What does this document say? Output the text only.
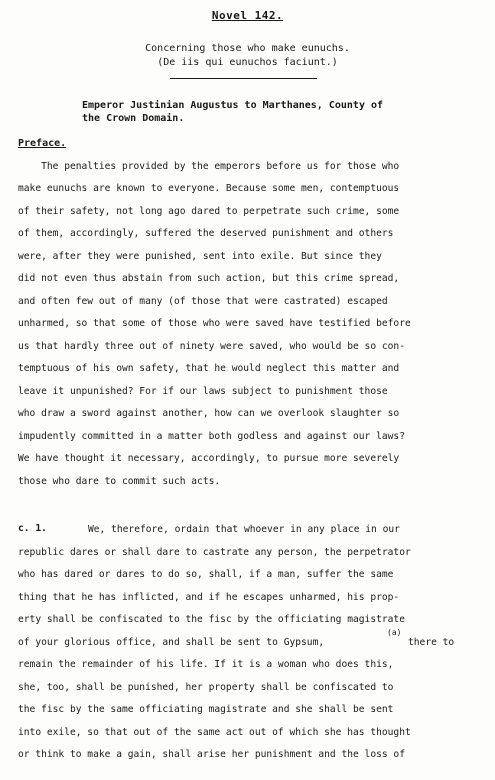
Novel 142.
Concerning those who make eunuchs.
(De iis qui eunuchos faciunt.)
Emperor Justinian Augustus to Marthanes, County of
the Crown Domain.
Preface.
The penalties provided by the emperors before us for those who
make eunuchs are known to everyone. Because some men, contemptuous
of their safety, not long ago dared to perpetrate such crime, some
of them, accordingly, suffered the deserved punishment and others
were, after they were punished, sent into exile. But since they
did not even thus abstain from such action, but this crime spread,
and often few out of many (of those that were castrated) escaped
unharmed, so that some of those who were saved have testified before
us that hardly three out of ninety were saved, who would be so con-
temptuous of his own safety, that he would neglect this matter and
leave it unpunished? For if our laws subject to punishment those
who draw a sword against another, how can we overlook slaughter so
impudently committed in a matter both godless and against our laws?
We have thought it necessary, accordingly, to pursue more severely
those who dare to commit such acts.
c. 1.	We, therefore, ordain that whoever in any place in our
republic dares or shall dare to castrate any person, the perpetrator
who has dared or dares to do so, shall, if a man, suffer the same
thing that he has inflicted, and if he escapes unharmed, his prop-
erty shall be confiscated to the fisc by the officiating magistrate
of your glorious office, and shall be sent to Gypsum,
(a)
there to
remain the remainder of his life. If it is a woman who does this,
she, too, shall be punished, her property shall be confiscated to
the fisc by the same officiating magistrate and she shall be sent
into exile, so that out of the same act out of which she has thought
or think to make a gain, shall arise her punishment and the loss of
